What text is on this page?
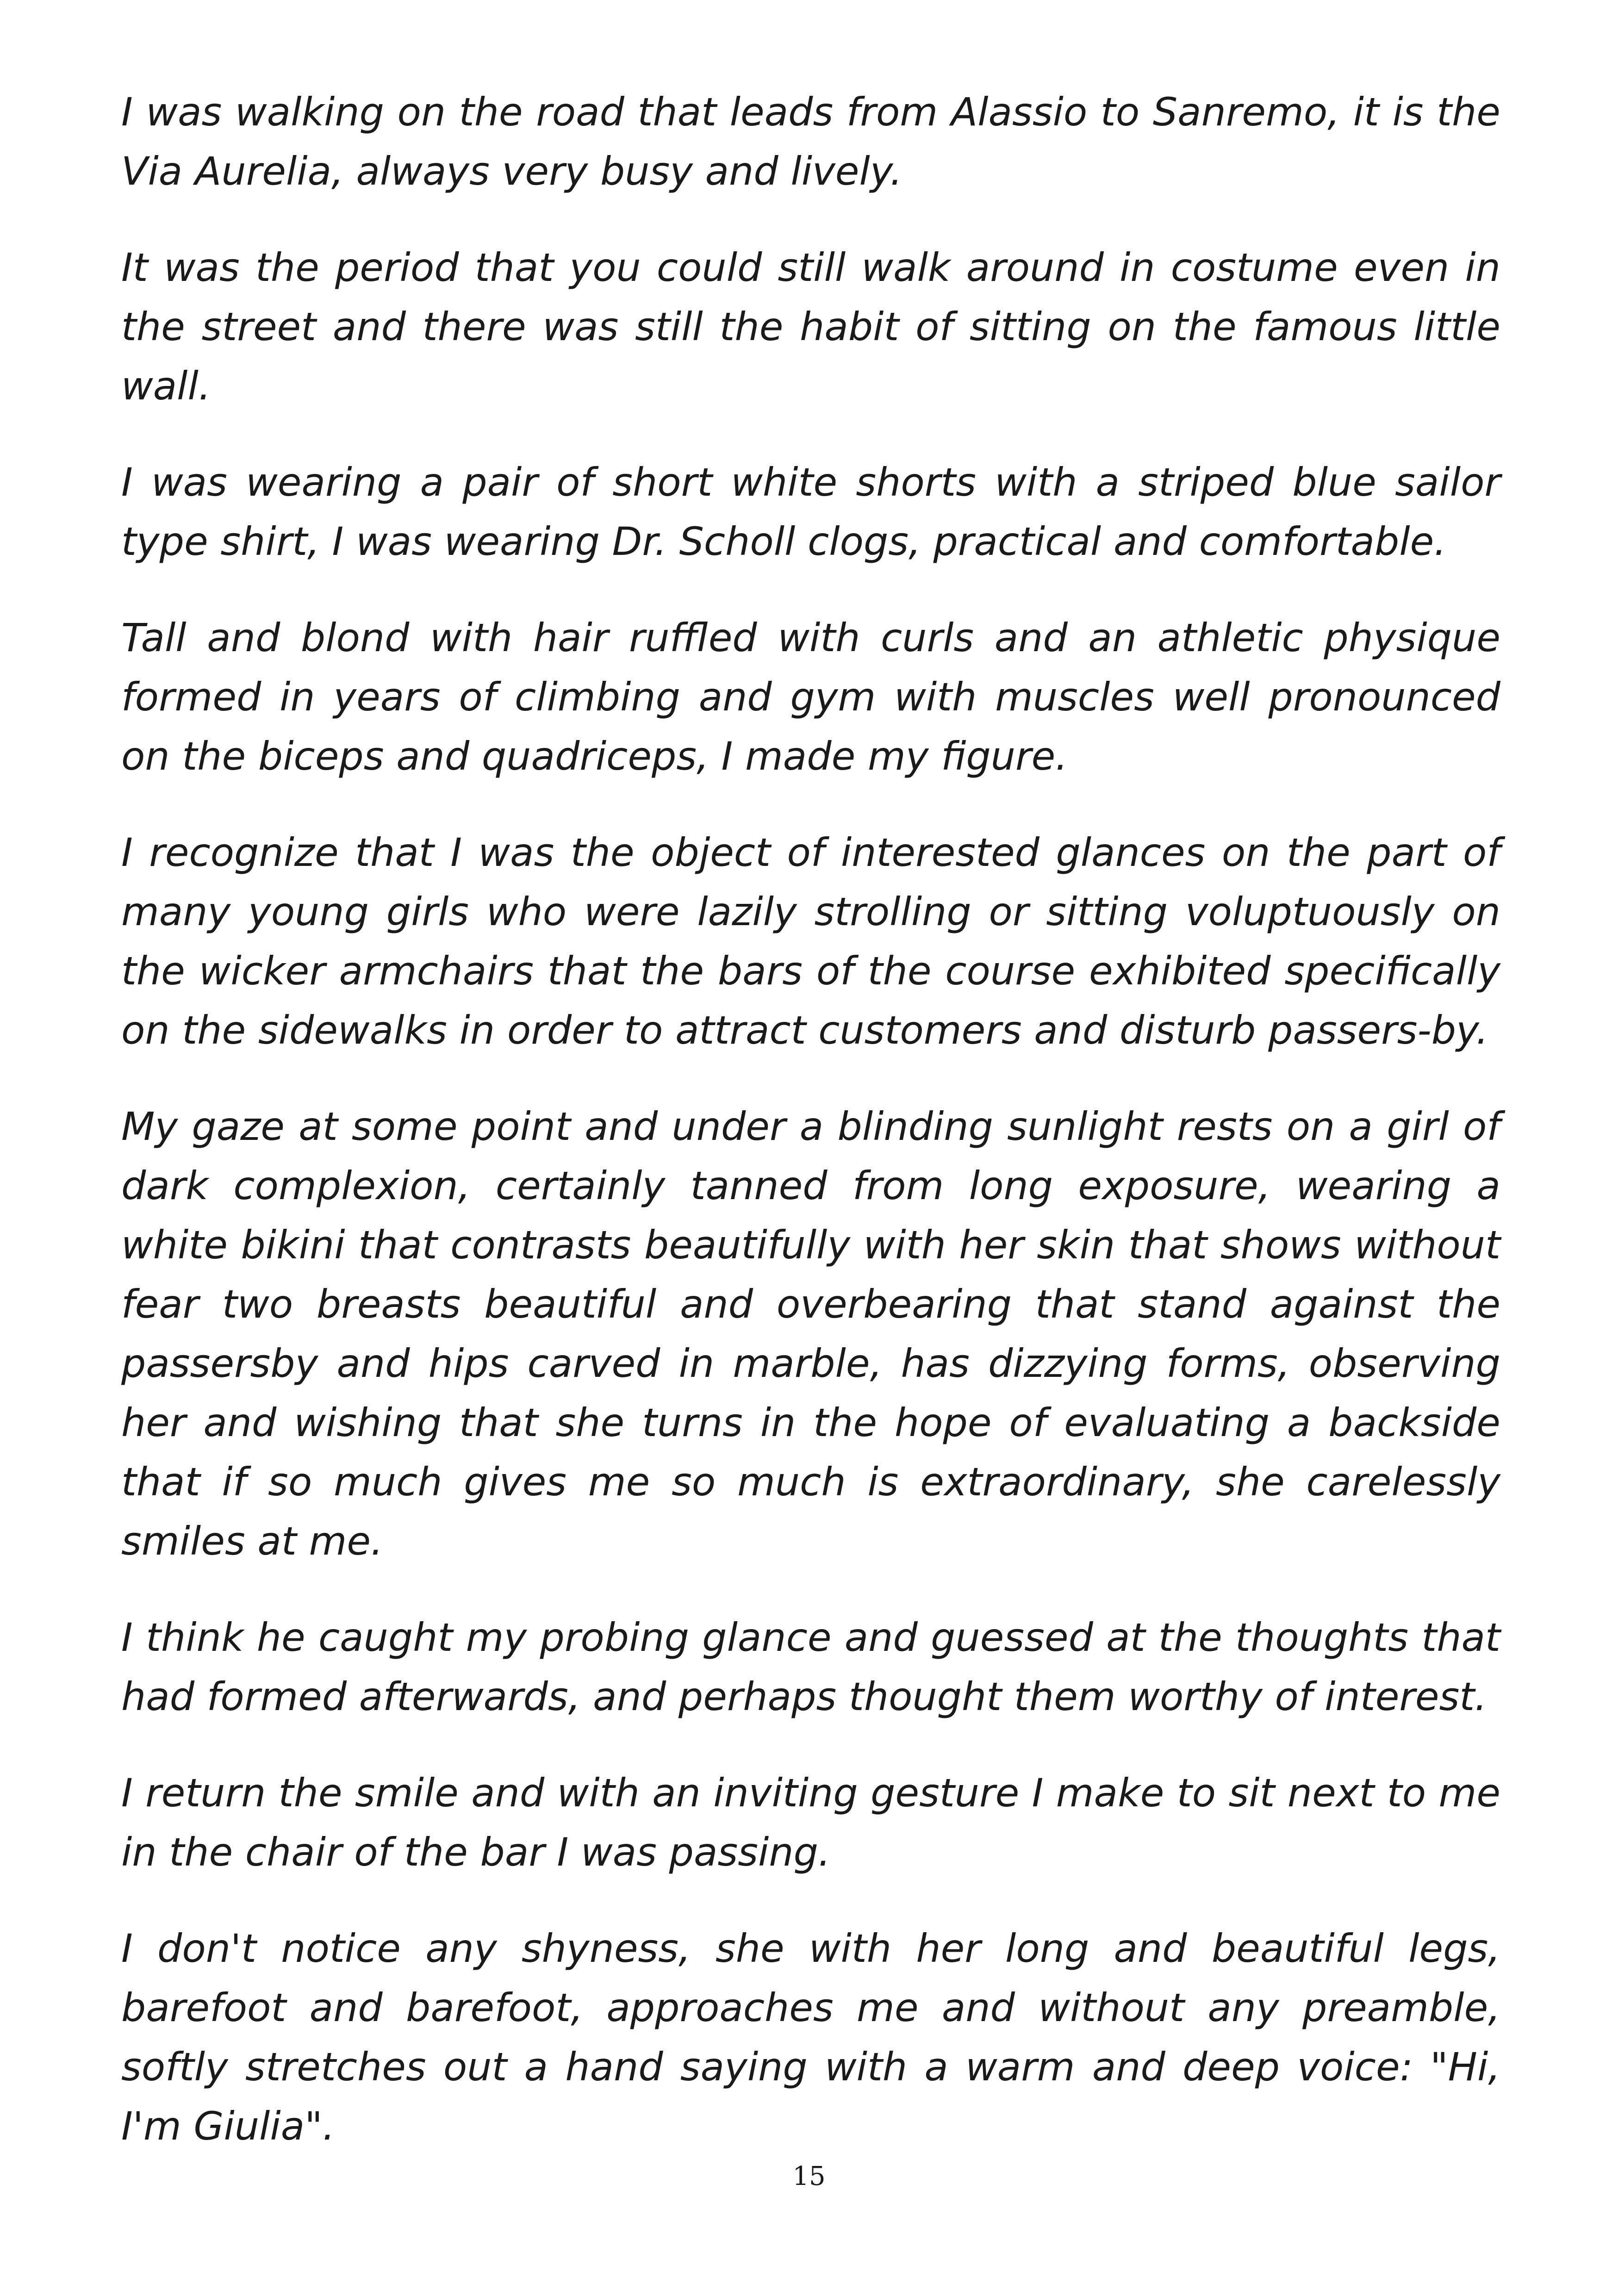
I was walking on the road that leads from Alassio to Sanremo, it is the Via Aurelia, always very busy and lively.

It was the period that you could still walk around in costume even in the street and there was still the habit of sitting on the famous little wall.

I was wearing a pair of short white shorts with a striped blue sailor type shirt, I was wearing Dr. Scholl clogs, practical and comfortable.

Tall and blond with hair ruffled with curls and an athletic physique formed in years of climbing and gym with muscles well pronounced on the biceps and quadriceps, I made my figure.

I recognize that I was the object of interested glances on the part of many young girls who were lazily strolling or sitting voluptuously on the wicker armchairs that the bars of the course exhibited specifically on the sidewalks in order to attract customers and disturb passers-by.

My gaze at some point and under a blinding sunlight rests on a girl of dark complexion, certainly tanned from long exposure, wearing a white bikini that contrasts beautifully with her skin that shows without fear two breasts beautiful and overbearing that stand against the passersby and hips carved in marble, has dizzying forms, observing her and wishing that she turns in the hope of evaluating a backside that if so much gives me so much is extraordinary, she carelessly smiles at me.

I think he caught my probing glance and guessed at the thoughts that had formed afterwards, and perhaps thought them worthy of interest.

I return the smile and with an inviting gesture I make to sit next to me in the chair of the bar I was passing.

I don't notice any shyness, she with her long and beautiful legs, barefoot and barefoot, approaches me and without any preamble, softly stretches out a hand saying with a warm and deep voice: "Hi, I'm Giulia".

15
